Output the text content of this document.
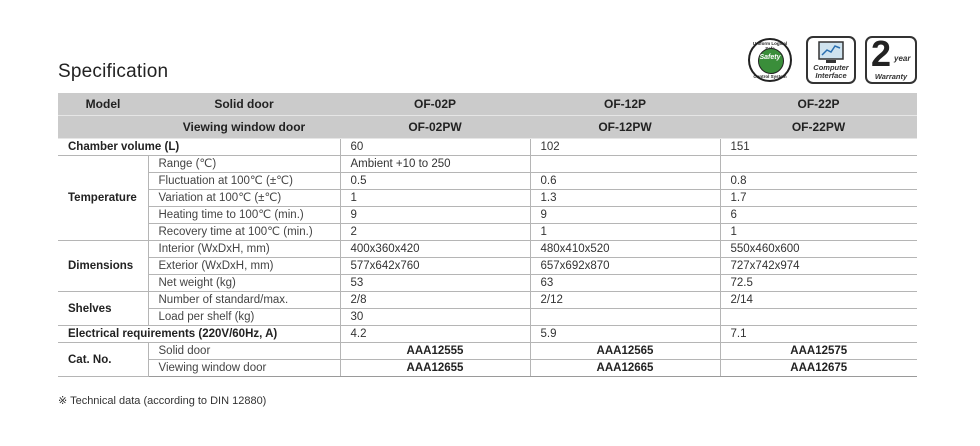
Specification
Uniform Logical
Safety
Control System
Computer
Interface
2 year
Warranty
Model	Solid door	OF-02P	OF-12P	OF-22P
	Viewing window door	OF-02PW	OF-12PW	OF-22PW
Chamber volume (L)		60	102	151
Temperature	Range (℃)	Ambient +10 to 250		
	Fluctuation at 100℃ (±℃)	0.5	0.6	0.8
	Variation at 100℃ (±℃)	1	1.3	1.7
	Heating time to 100℃ (min.)	9	9	6
	Recovery time at 100℃ (min.)	2	1	1
Dimensions	Interior (WxDxH, mm)	400x360x420	480x410x520	550x460x600
	Exterior (WxDxH, mm)	577x642x760	657x692x870	727x742x974
	Net weight (kg)	53	63	72.5
Shelves	Number of standard/max.	2/8	2/12	2/14
	Load per shelf (kg)	30		
Electrical requirements (220V/60Hz, A)		4.2	5.9	7.1
Cat. No.	Solid door	AAA12555	AAA12565	AAA12575
	Viewing window door	AAA12655	AAA12665	AAA12675
※ Technical data (according to DIN 12880)
